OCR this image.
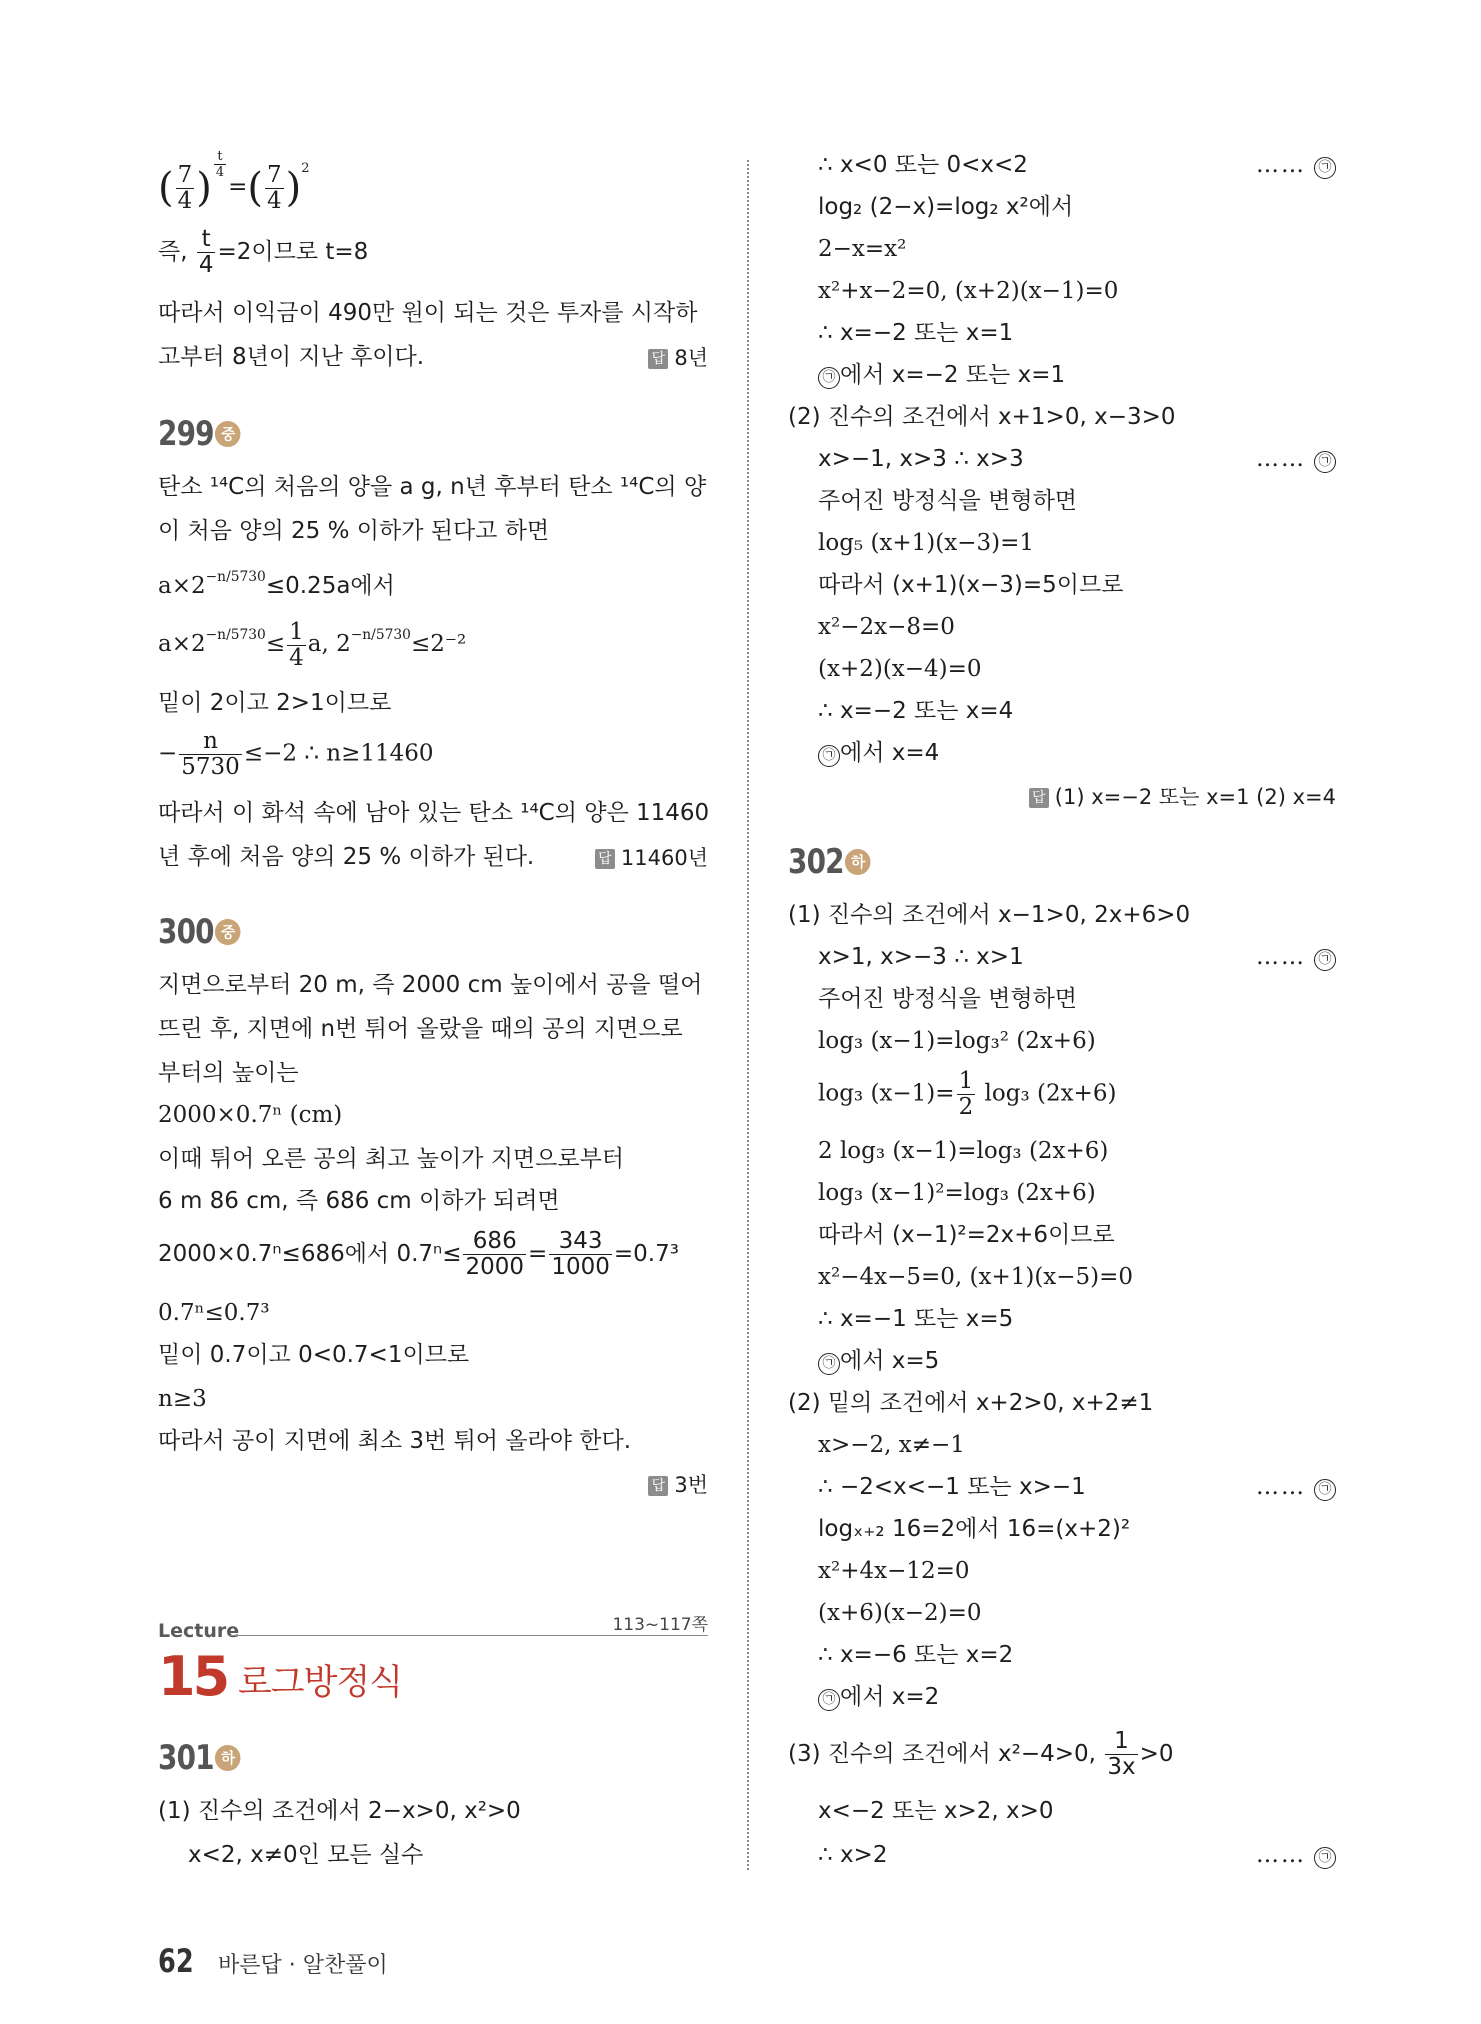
( $\frac{7}{4}$ )
$^{\frac{t}{4}}$
=( $\frac{7}{4} )^2$
즉, $\frac{t}{4} =2$이므로 t=8
따라서 이익금이 490만 원이 되는 것은 투자를 시작하
고부터 8년이 지난 후이다.	답 8년
299 중
탄소 ¹⁴C의 처음의 양을 a g, n년 후부터 탄소 ¹⁴C의 양
이 처음 양의 25 % 이하가 된다고 하면
$a\times 2^{-n/5730}\le 0.25a$에서
$a\times 2^{-n/5730}\le \frac{1}{4} a$, $2^{-n/5730}\le 2^{-2}$
밑이 2이고 2>1이므로
− $\frac{n}{5730} \le-2$ ∴ n≥11460
따라서 이 화석 속에 남아 있는 탄소 ¹⁴C의 양은 11460
년 후에 처음 양의 25 % 이하가 된다.	답 11460년
300 중
지면으로부터 20 m, 즉 2000 cm 높이에서 공을 떨어
뜨린 후, 지면에 n번 튀어 올랐을 때의 공의 지면으로
부터의 높이는
2000×0.7ⁿ (cm)
이때 튀어 오른 공의 최고 높이가 지면으로부터
6 m 86 cm, 즉 686 cm 이하가 되려면
2000×0.7ⁿ≤686에서 $0.7^n\le \frac{686}{2000} = \frac{343}{1000} =0.7^3$
0.7ⁿ≤0.7³
밑이 0.7이고 0<0.7<1이므로
n≥3
따라서 공이 지면에 최소 3번 튀어 올라야 한다.
답 3번
Lecture	113~117쪽
15 로그방정식
301 하
(1) 진수의 조건에서 2−x>0, x²>0
x<2, x≠0인 모든 실수
∴ x<0 또는 0<x<2	…… ㉠
log₂ (2−x)=log₂ x²에서
2−x=x²
x²+x−2=0, (x+2)(x−1)=0
∴ x=−2 또는 x=1
㉠ 에서 x=−2 또는 x=1
(2) 진수의 조건에서 x+1>0, x−3>0
x>−1, x>3 ∴ x>3	…… ㉠
주어진 방정식을 변형하면
log₅ (x+1)(x−3)=1
따라서 (x+1)(x−3)=5이므로
x²−2x−8=0
(x+2)(x−4)=0
∴ x=−2 또는 x=4
㉠ 에서 x=4
답 (1) x=−2 또는 x=1 (2) x=4
302 하
(1) 진수의 조건에서 x−1>0, 2x+6>0
x>1, x>−3 ∴ x>1	…… ㉠
주어진 방정식을 변형하면
log₃ (x−1)=log₃² (2x+6)
log₃ $(x-1)= \frac{1}{2} \log_3$ (2x+6)
2 log₃ (x−1)=log₃ (2x+6)
log₃ (x−1)²=log₃ (2x+6)
따라서 (x−1)²=2x+6이므로
x²−4x−5=0, (x+1)(x−5)=0
∴ x=−1 또는 x=5
㉠ 에서 x=5
(2) 밑의 조건에서 x+2>0, x+2≠1
x>−2, x≠−1
∴ −2<x<−1 또는 x>−1	…… ㉠
logₓ₊₂ 16=2에서 16=(x+2)²
x²+4x−12=0
(x+6)(x−2)=0
∴ x=−6 또는 x=2
㉠ 에서 x=2
(3) 진수의 조건에서 x²−4>0, $\frac{1}{3x} >0$
x<−2 또는 x>2, x>0
∴ x>2	…… ㉠
62 바른답 · 알찬풀이
